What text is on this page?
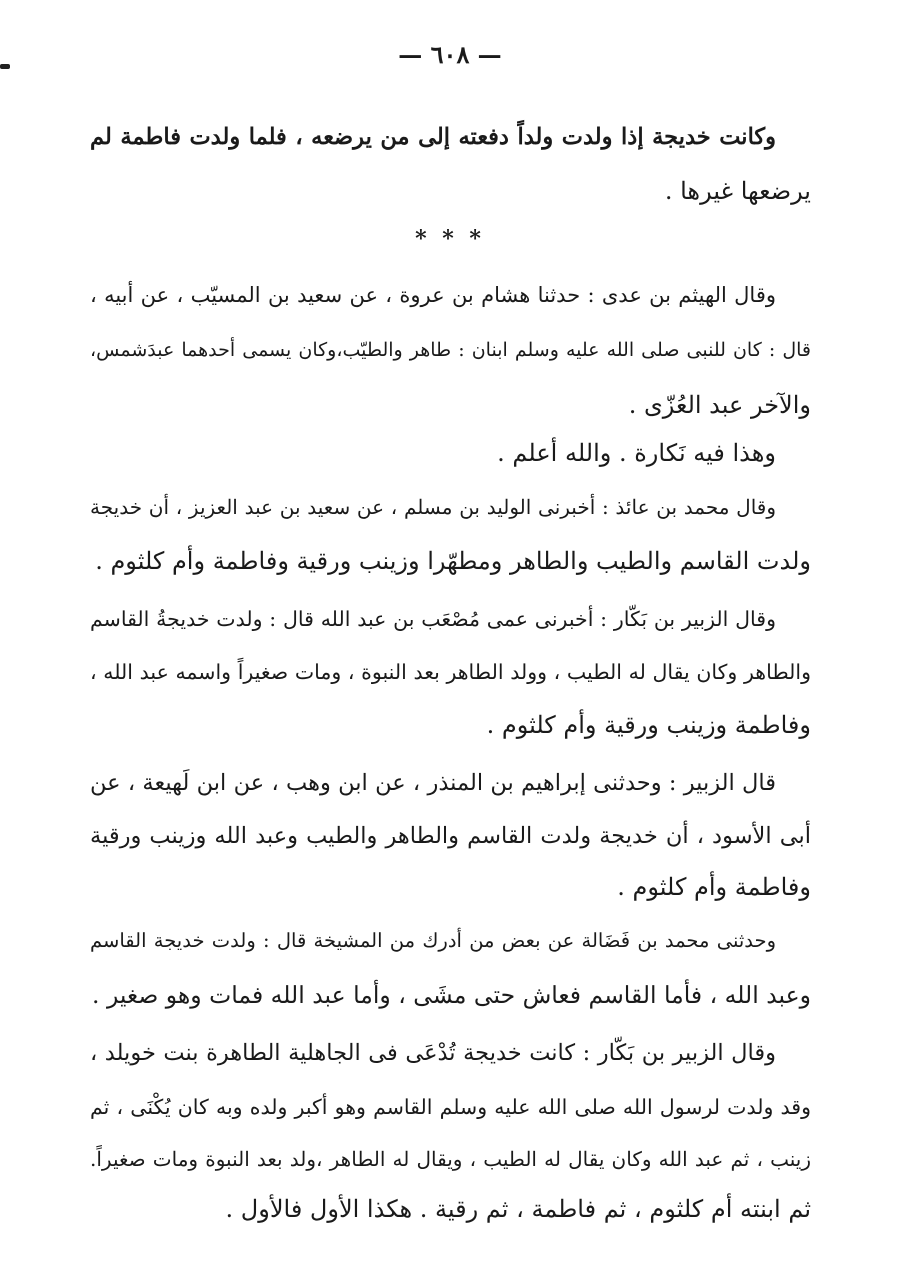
— ٦٠٨ —
وكانت خديجة إذا ولدت ولداً دفعته إلى من يرضعه ، فلما ولدت فاطمة لم
يرضعها غيرها .
* * *
وقال الهيثم بن عدى : حدثنا هشام بن عروة ، عن سعيد بن المسيّب ، عن أبيه ،
قال : كان للنبى صلى الله عليه وسلم ابنان : طاهر والطيّب،وكان يسمى أحدهما عبدَشمس،
والآخر عبد العُزّى .
وهذا فيه نَكارة . والله أعلم .
وقال محمد بن عائذ : أخبرنى الوليد بن مسلم ، عن سعيد بن عبد العزيز ، أن خديجة
ولدت القاسم والطيب والطاهر ومطهّرا وزينب ورقية وفاطمة وأم كلثوم .
وقال الزبير بن بَكّار : أخبرنى عمى مُصْعَب بن عبد الله قال : ولدت خديجةُ القاسم
والطاهر وكان يقال له الطيب ، وولد الطاهر بعد النبوة ، ومات صغيراً واسمه عبد الله ،
وفاطمة وزينب ورقية وأم كلثوم .
قال الزبير : وحدثنى إبراهيم بن المنذر ، عن ابن وهب ، عن ابن لَهيعة ، عن
أبى الأسود ، أن خديجة ولدت القاسم والطاهر والطيب وعبد الله وزينب ورقية
وفاطمة وأم كلثوم .
وحدثنى محمد بن فَضَالة عن بعض من أدرك من المشيخة قال : ولدت خديجة القاسم
وعبد الله ، فأما القاسم فعاش حتى مشَى ، وأما عبد الله فمات وهو صغير .
وقال الزبير بن بَكّار : كانت خديجة تُدْعَى فى الجاهلية الطاهرة بنت خويلد ،
وقد ولدت لرسول الله صلى الله عليه وسلم القاسم وهو أكبر ولده وبه كان يُكْنَى ، ثم
زينب ، ثم عبد الله وكان يقال له الطيب ، ويقال له الطاهر ،ولد بعد النبوة ومات صغيراً.
ثم ابنته أم كلثوم ، ثم فاطمة ، ثم رقية . هكذا الأول فالأول .
